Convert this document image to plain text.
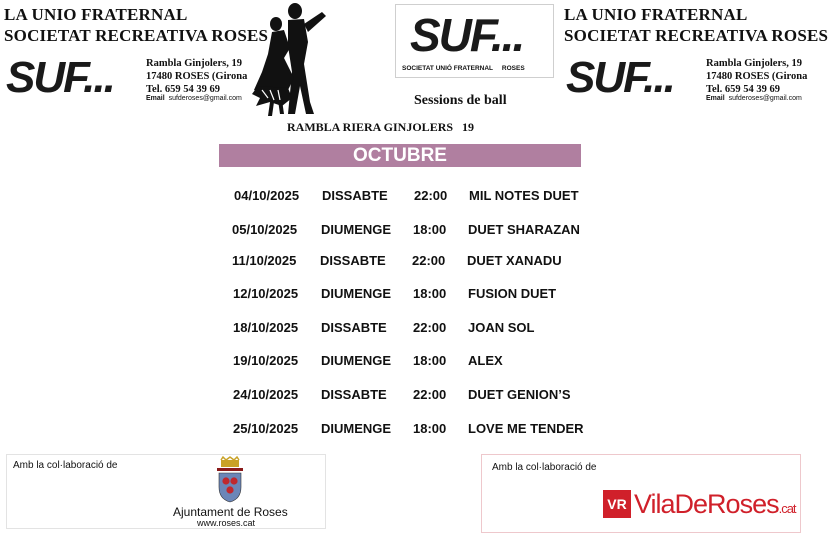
LA UNIO FRATERNAL
SOCIETAT RECREATIVA ROSES
SUF...	Rambla Ginjolers, 19
17480 ROSES (Girona
Tel. 659 54 39 69
Email sufderoses@gmail.com
SUF...
SOCIETAT UNIÓ FRATERNAL     ROSES
Sessions de ball
LA UNIO FRATERNAL
SOCIETAT RECREATIVA ROSES
SUF...	Rambla Ginjolers, 19
17480 ROSES (Girona
Tel. 659 54 39 69
Email sufderoses@gmail.com
RAMBLA RIERA GINJOLERS   19
OCTUBRE
04/10/2025 DISSABTE 22:00 MIL NOTES DUET
05/10/2025 DIUMENGE 18:00 DUET SHARAZAN
11/10/2025 DISSABTE 22:00 DUET XANADU
12/10/2025 DIUMENGE 18:00 FUSION DUET
18/10/2025 DISSABTE 22:00 JOAN SOL
19/10/2025 DIUMENGE 18:00 ALEX
24/10/2025 DISSABTE 22:00 DUET GENION’S
25/10/2025 DIUMENGE 18:00 LOVE ME TENDER
Amb la col·laboració de
Ajuntament de Roses
www.roses.cat
Amb la col·laboració de
VR VilaDeRoses.cat
